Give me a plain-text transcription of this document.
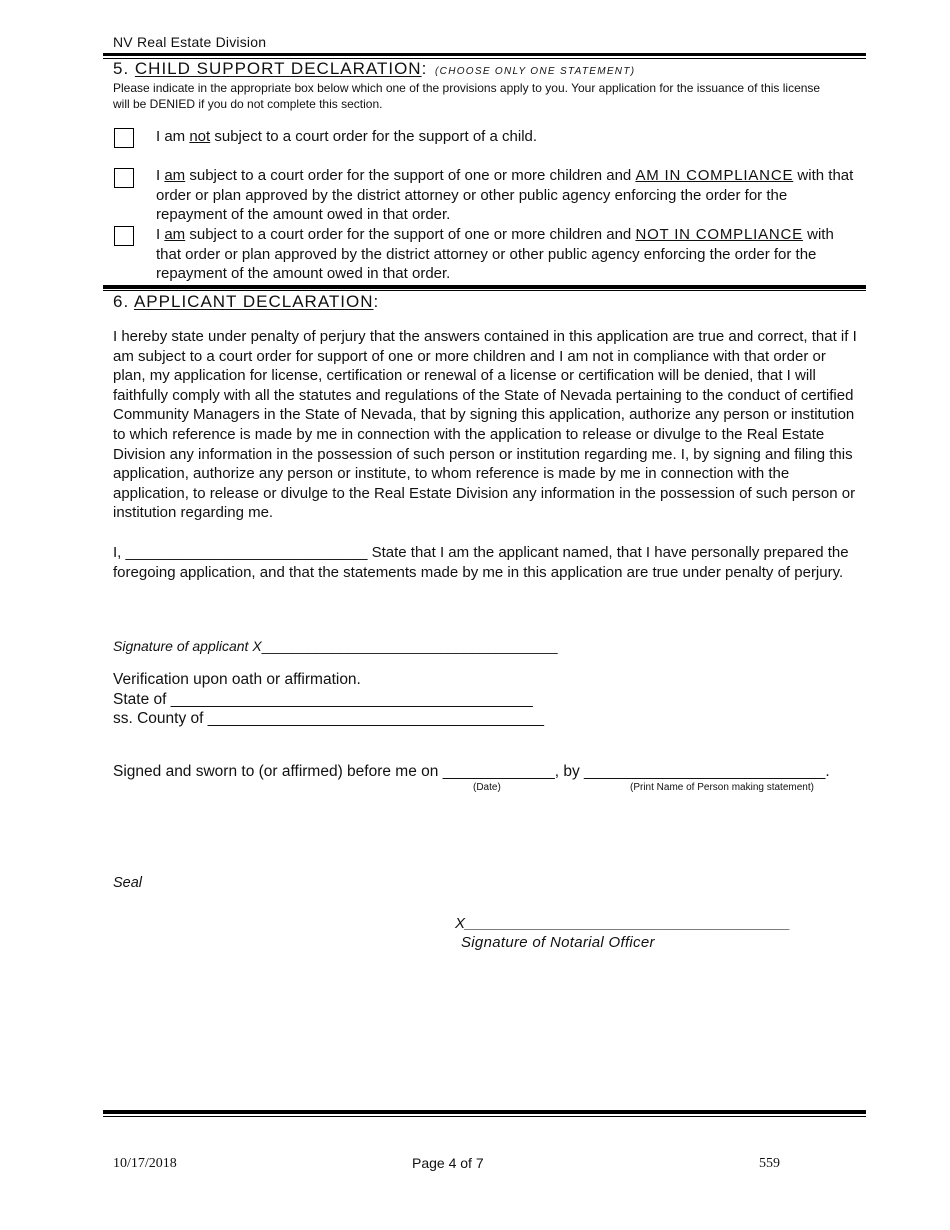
NV Real Estate Division
5. CHILD SUPPORT DECLARATION: (CHOOSE ONLY ONE STATEMENT)
Please indicate in the appropriate box below which one of the provisions apply to you. Your application for the issuance of this license will be DENIED if you do not complete this section.
I am not subject to a court order for the support of a child.
I am subject to a court order for the support of one or more children and AM IN COMPLIANCE with that order or plan approved by the district attorney or other public agency enforcing the order for the repayment of the amount owed in that order.
I am subject to a court order for the support of one or more children and NOT IN COMPLIANCE with that order or plan approved by the district attorney or other public agency enforcing the order for the repayment of the amount owed in that order.
6. APPLICANT DECLARATION:
I hereby state under penalty of perjury that the answers contained in this application are true and correct, that if I am subject to a court order for support of one or more children and I am not in compliance with that order or plan, my application for license, certification or renewal of a license or certification will be denied, that I will faithfully comply with all the statutes and regulations of the State of Nevada pertaining to the conduct of certified Community Managers in the State of Nevada, that by signing this application, authorize any person or institution to which reference is made by me in connection with the application to release or divulge to the Real Estate Division any information in the possession of such person or institution regarding me. I, by signing and filing this application, authorize any person or institute, to whom reference is made by me in connection with the application, to release or divulge to the Real Estate Division any information in the possession of such person or institution regarding me.
I, _____________________________ State that I am the applicant named, that I have personally prepared the foregoing application, and that the statements made by me in this application are true under penalty of perjury.
Signature of applicant X______________________________________
Verification upon oath or affirmation.
State of __________________________________________
ss. County of _______________________________________
Signed and sworn to (or affirmed) before me on _____________, by ____________________________.
(Date)	(Print Name of Person making statement)
Seal
X_______________________________________
Signature of Notarial Officer
10/17/2018	Page 4 of 7	559
